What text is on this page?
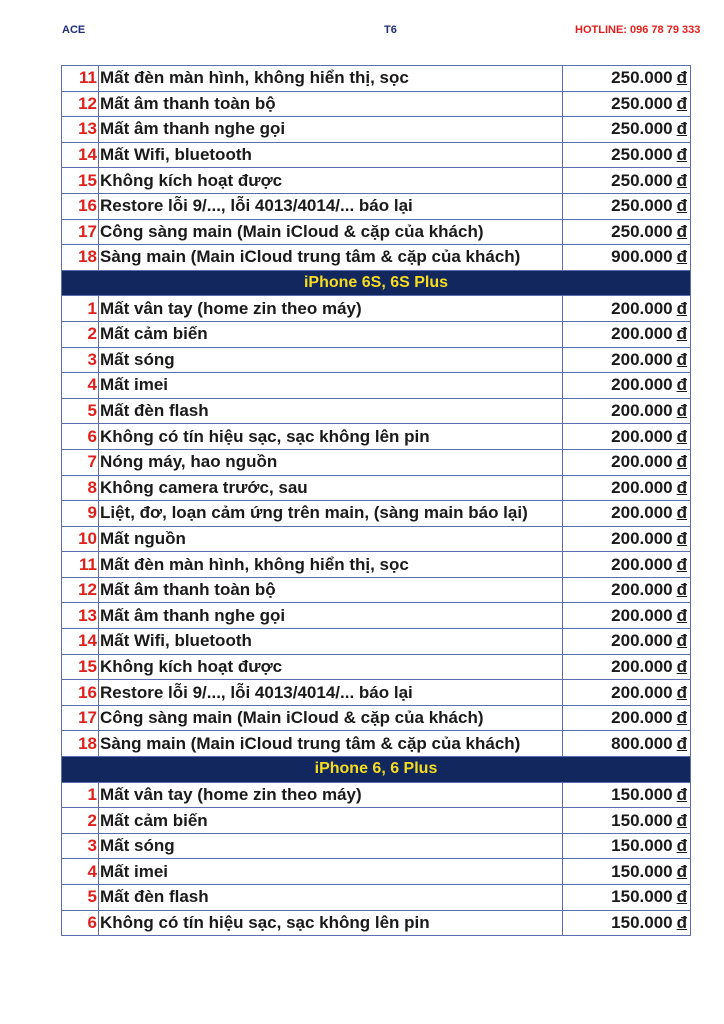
ACE	T6	HOTLINE: 096 78 79 333
11	Mất đèn màn hình, không hiển thị, sọc	250.000 đ
12	Mất âm thanh toàn bộ	250.000 đ
13	Mất âm thanh nghe gọi	250.000 đ
14	Mất Wifi, bluetooth	250.000 đ
15	Không kích hoạt được	250.000 đ
16	Restore lỗi 9/..., lỗi 4013/4014/... báo lại	250.000 đ
17	Công sàng main (Main iCloud & cặp của khách)	250.000 đ
18	Sàng main (Main iCloud trung tâm & cặp của khách)	900.000 đ
iPhone 6S, 6S Plus		
1	Mất vân tay (home zin theo máy)	200.000 đ
2	Mất cảm biến	200.000 đ
3	Mất sóng	200.000 đ
4	Mất imei	200.000 đ
5	Mất đèn flash	200.000 đ
6	Không có tín hiệu sạc, sạc không lên pin	200.000 đ
7	Nóng máy, hao nguồn	200.000 đ
8	Không camera trước, sau	200.000 đ
9	Liệt, đơ, loạn cảm ứng trên main, (sàng main báo lại)	200.000 đ
10	Mất nguồn	200.000 đ
11	Mất đèn màn hình, không hiển thị, sọc	200.000 đ
12	Mất âm thanh toàn bộ	200.000 đ
13	Mất âm thanh nghe gọi	200.000 đ
14	Mất Wifi, bluetooth	200.000 đ
15	Không kích hoạt được	200.000 đ
16	Restore lỗi 9/..., lỗi 4013/4014/... báo lại	200.000 đ
17	Công sàng main (Main iCloud & cặp của khách)	200.000 đ
18	Sàng main (Main iCloud trung tâm & cặp của khách)	800.000 đ
iPhone 6, 6 Plus		
1	Mất vân tay (home zin theo máy)	150.000 đ
2	Mất cảm biến	150.000 đ
3	Mất sóng	150.000 đ
4	Mất imei	150.000 đ
5	Mất đèn flash	150.000 đ
6	Không có tín hiệu sạc, sạc không lên pin	150.000 đ
